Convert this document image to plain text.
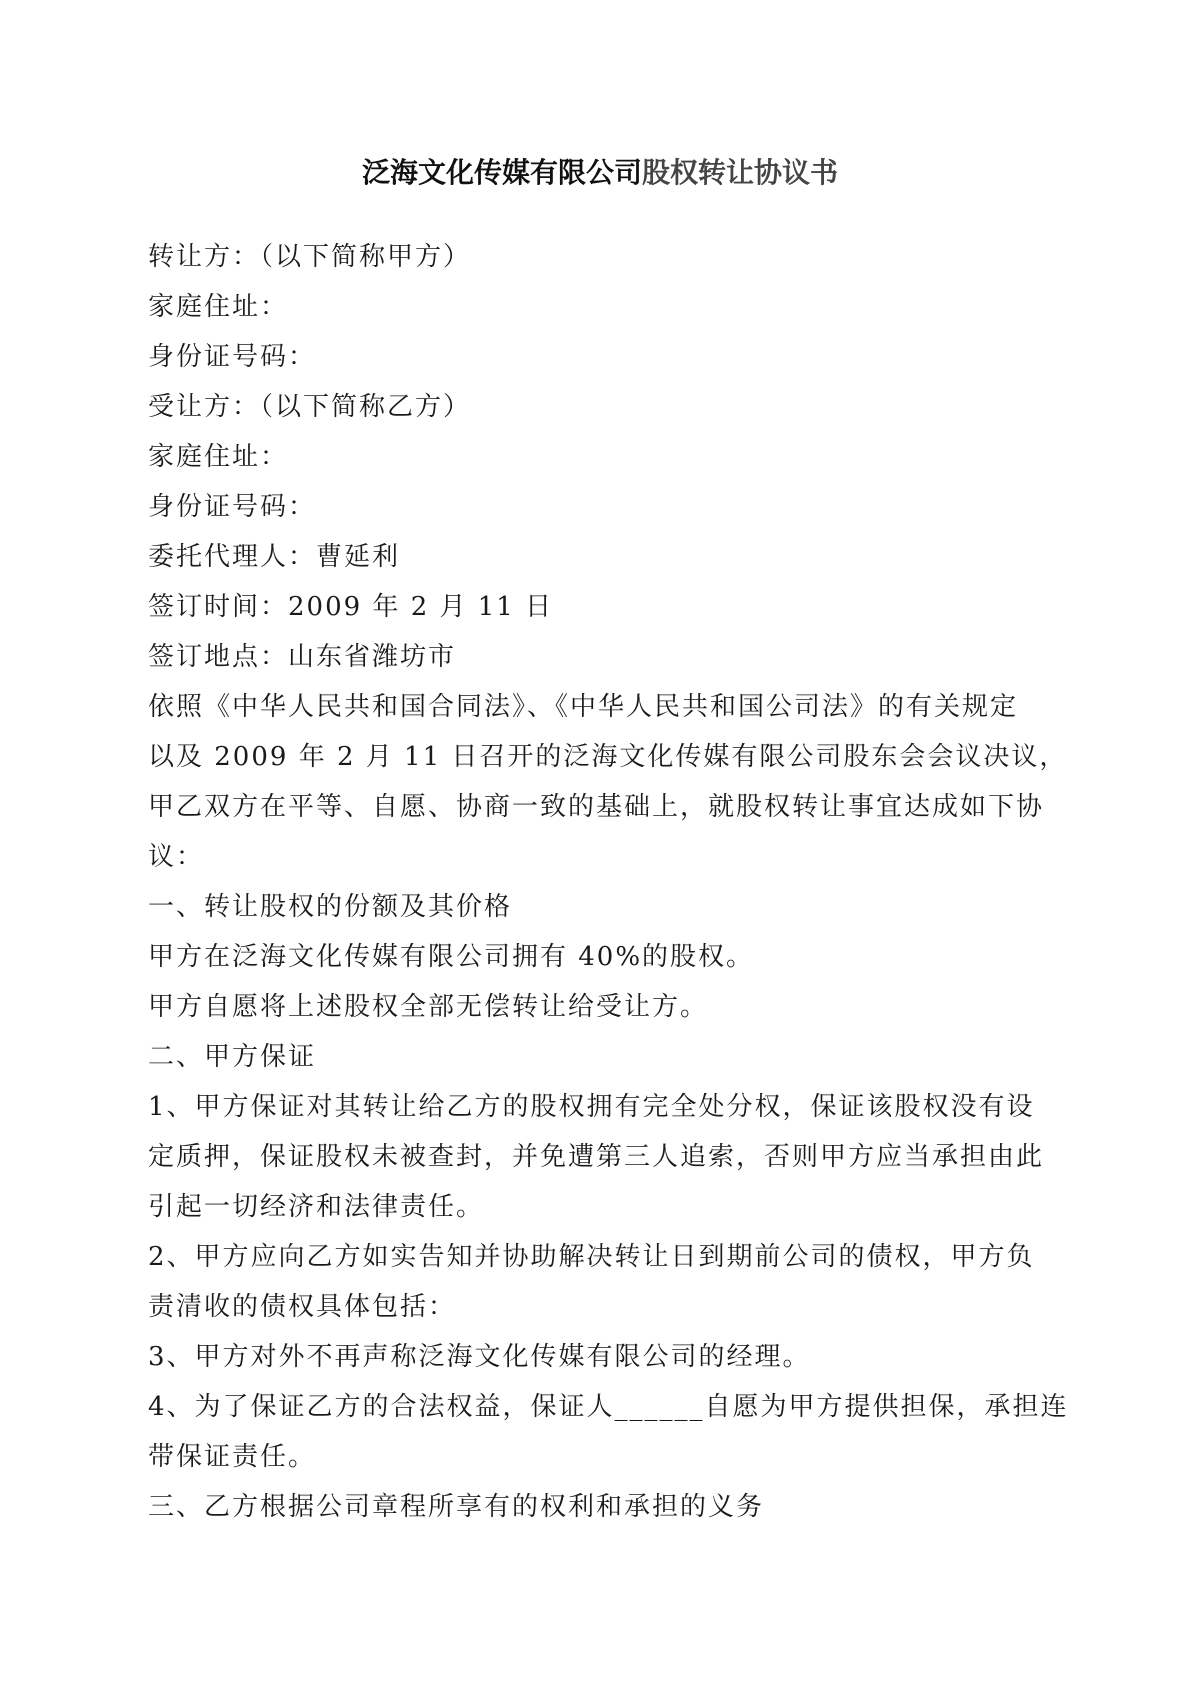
泛海文化传媒有限公司股权转让协议书

转让方：（以下简称甲方）

家庭住址：

身份证号码：

受让方：（以下简称乙方）

家庭住址：

身份证号码：

委托代理人：曹延利

签订时间：2009 年 2 月 11 日

签订地点：山东省潍坊市

依照《中华人民共和国合同法》、《中华人民共和国公司法》的有关规定

以及 2009 年 2 月 11 日召开的泛海文化传媒有限公司股东会会议决议，

甲乙双方在平等、自愿、协商一致的基础上，就股权转让事宜达成如下协

议：

一、转让股权的份额及其价格

甲方在泛海文化传媒有限公司拥有 40%的股权。

甲方自愿将上述股权全部无偿转让给受让方。

二、甲方保证

1、甲方保证对其转让给乙方的股权拥有完全处分权，保证该股权没有设

定质押，保证股权未被查封，并免遭第三人追索，否则甲方应当承担由此

引起一切经济和法律责任。

2、甲方应向乙方如实告知并协助解决转让日到期前公司的债权，甲方负

责清收的债权具体包括：

3、甲方对外不再声称泛海文化传媒有限公司的经理。

4、为了保证乙方的合法权益，保证人______自愿为甲方提供担保，承担连

带保证责任。

三、乙方根据公司章程所享有的权利和承担的义务
